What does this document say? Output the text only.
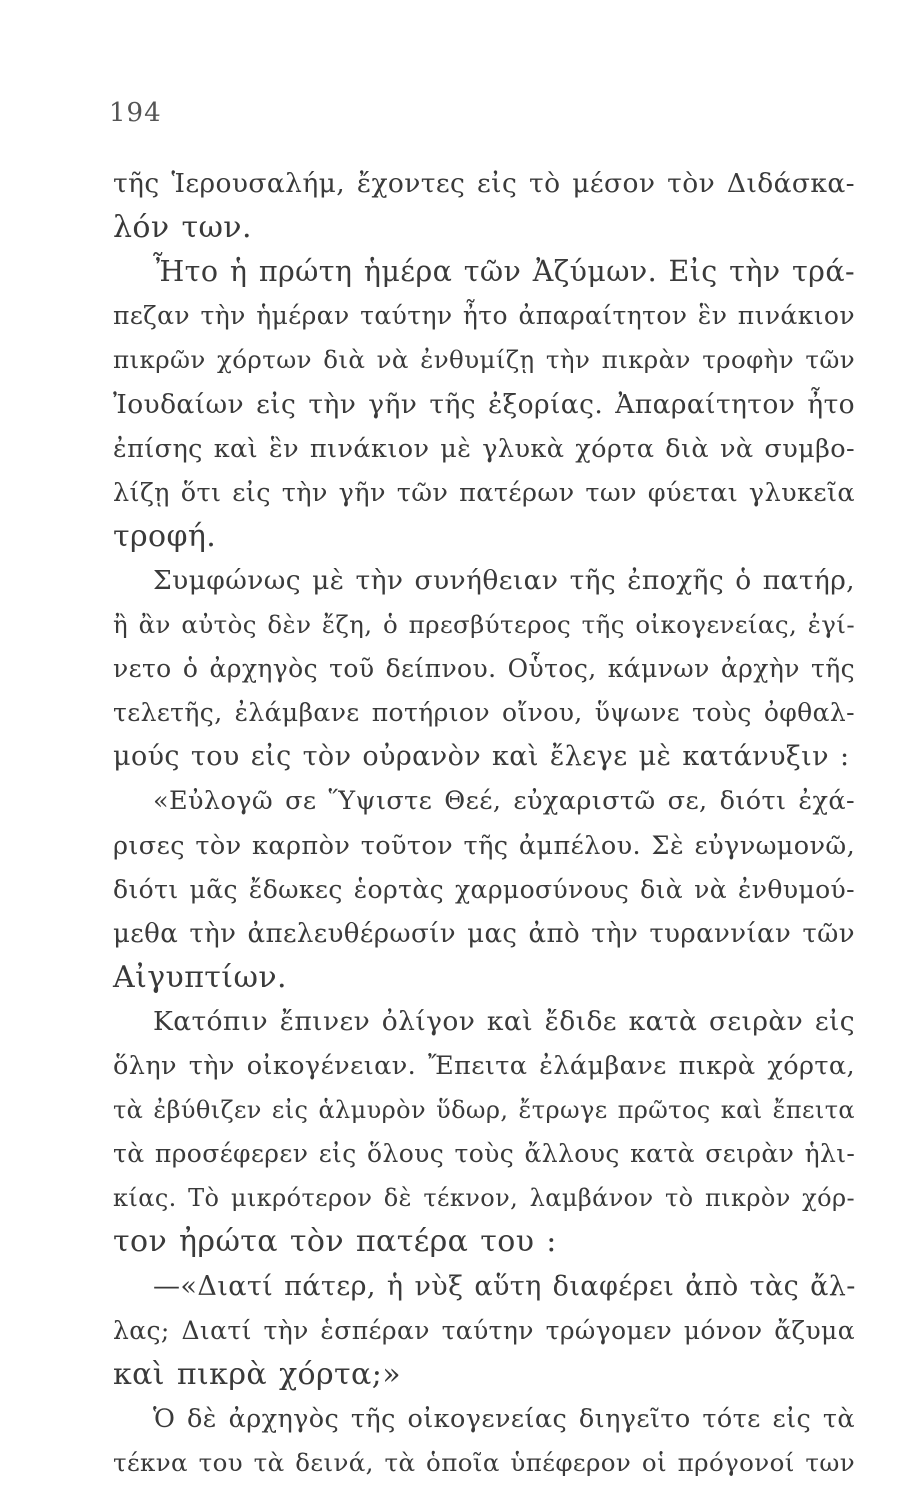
194
τῆς Ἱερουσαλήμ, ἔχοντες εἰς τὸ μέσον τὸν Διδάσκα-
λόν των.
Ἦτο ἡ πρώτη ἡμέρα τῶν Ἀζύμων. Εἰς τὴν τρά-
πεζαν τὴν ἡμέραν ταύτην ἦτο ἀπαραίτητον ἓν πινάκιον
πικρῶν χόρτων διὰ νὰ ἐνθυμίζῃ τὴν πικρὰν τροφὴν τῶν
Ἰουδαίων εἰς τὴν γῆν τῆς ἐξορίας. Ἀπαραίτητον ἦτο
ἐπίσης καὶ ἓν πινάκιον μὲ γλυκὰ χόρτα διὰ νὰ συμβο-
λίζῃ ὅτι εἰς τὴν γῆν τῶν πατέρων των φύεται γλυκεῖα
τροφή.
Συμφώνως μὲ τὴν συνήθειαν τῆς ἐποχῆς ὁ πατήρ,
ἢ ἂν αὐτὸς δὲν ἔζη, ὁ πρεσβύτερος τῆς οἰκογενείας, ἐγί-
νετο ὁ ἀρχηγὸς τοῦ δείπνου. Οὗτος, κάμνων ἀρχὴν τῆς
τελετῆς, ἐλάμβανε ποτήριον οἴνου, ὕψωνε τοὺς ὀφθαλ-
μούς του εἰς τὸν οὐρανὸν καὶ ἔλεγε μὲ κατάνυξιν :
«Εὐλογῶ σε Ὕψιστε Θεέ, εὐχαριστῶ σε, διότι ἐχά-
ρισες τὸν καρπὸν τοῦτον τῆς ἀμπέλου. Σὲ εὐγνωμονῶ,
διότι μᾶς ἔδωκες ἑορτὰς χαρμοσύνους διὰ νὰ ἐνθυμού-
μεθα τὴν ἀπελευθέρωσίν μας ἀπὸ τὴν τυραννίαν τῶν
Αἰγυπτίων.
Κατόπιν ἔπινεν ὀλίγον καὶ ἔδιδε κατὰ σειρὰν εἰς
ὅλην τὴν οἰκογένειαν. Ἔπειτα ἐλάμβανε πικρὰ χόρτα,
τὰ ἐβύθιζεν εἰς ἁλμυρὸν ὕδωρ, ἔτρωγε πρῶτος καὶ ἔπειτα
τὰ προσέφερεν εἰς ὅλους τοὺς ἄλλους κατὰ σειρὰν ἡλι-
κίας. Τὸ μικρότερον δὲ τέκνον, λαμβάνον τὸ πικρὸν χόρ-
τον ἠρώτα τὸν πατέρα του :
—«Διατί πάτερ, ἡ νὺξ αὕτη διαφέρει ἀπὸ τὰς ἄλ-
λας; Διατί τὴν ἑσπέραν ταύτην τρώγομεν μόνον ἄζυμα
καὶ πικρὰ χόρτα;»
Ὁ δὲ ἀρχηγὸς τῆς οἰκογενείας διηγεῖτο τότε εἰς τὰ
τέκνα του τὰ δεινά, τὰ ὁποῖα ὑπέφερον οἱ πρόγονοί των
